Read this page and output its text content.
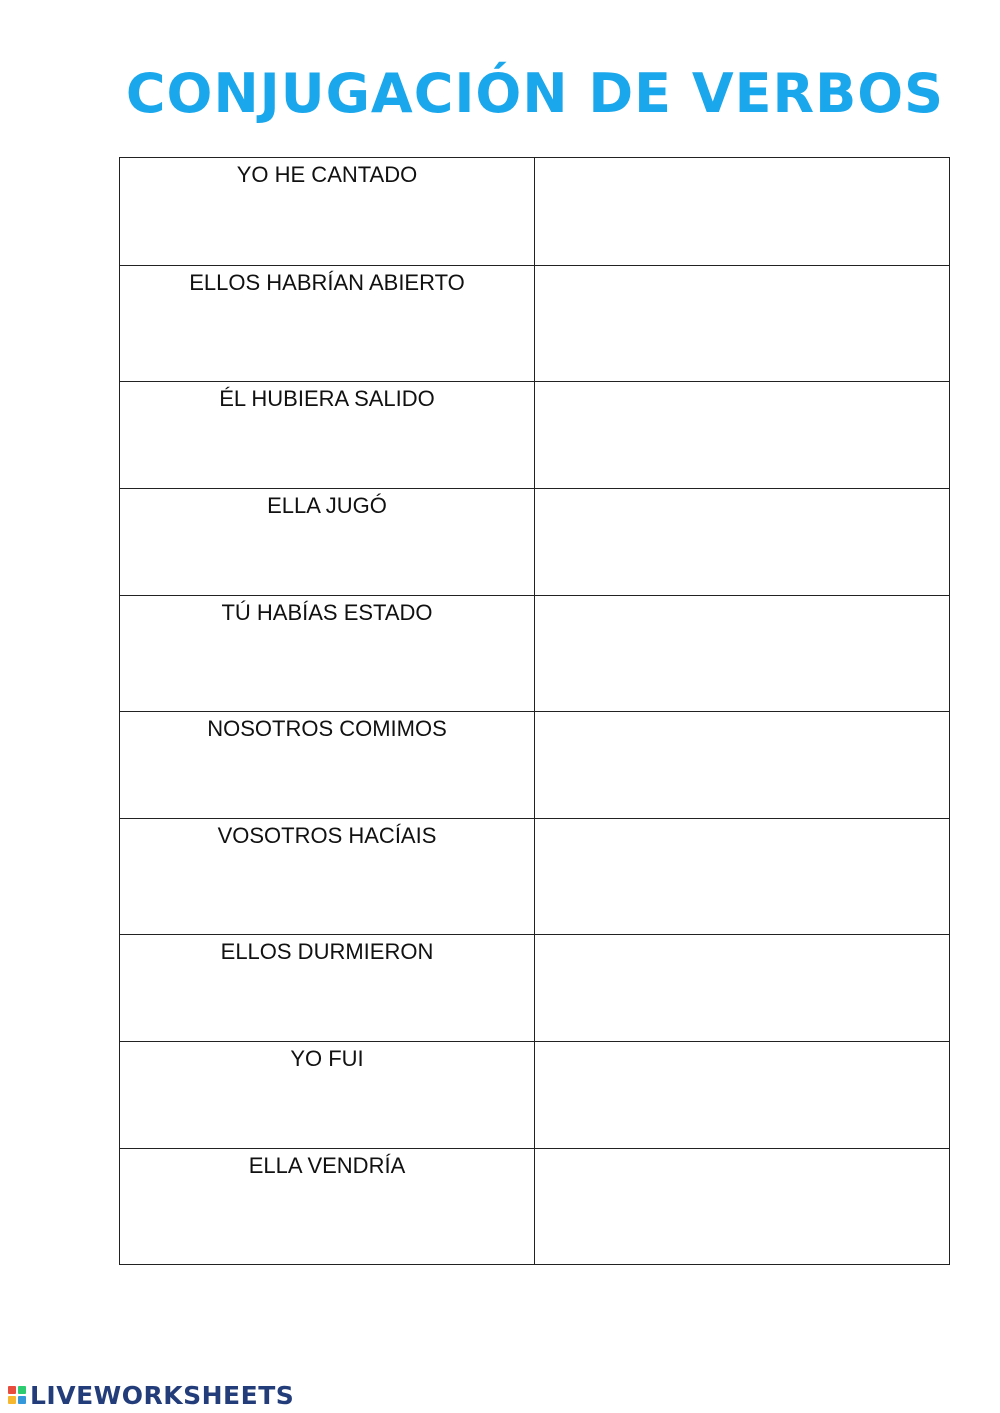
CONJUGACIÓN DE VERBOS
YO HE CANTADO	
ELLOS HABRÍAN ABIERTO	
ÉL HUBIERA SALIDO	
ELLA JUGÓ	
TÚ HABÍAS ESTADO	
NOSOTROS COMIMOS	
VOSOTROS HACÍAIS	
ELLOS DURMIERON	
YO FUI	
ELLA VENDRÍA	
LIVEWORKSHEETS
